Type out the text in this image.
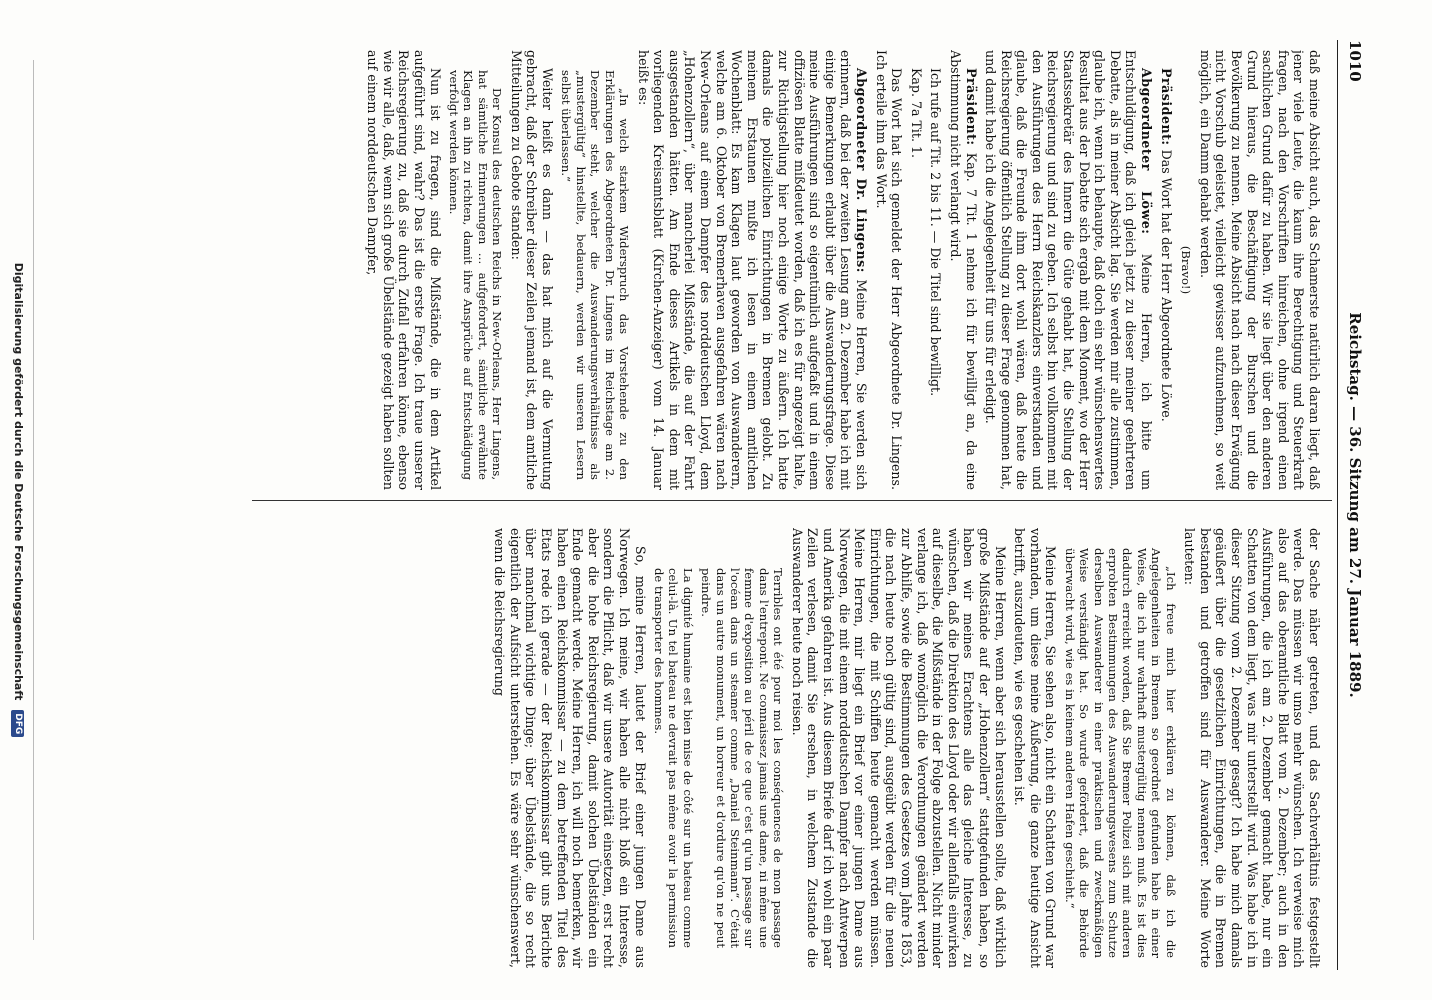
1010
Reichstag. — 36. Sitzung am 27. Januar 1889.

daß meine Absicht auch, das Schamerste natürlich daran liegt, daß jener viele Leute, die kaum ihre Berechtigung und Steuerkraft fragen, nach den Vorschriften hinreichen, ohne irgend einen sachlichen Grund dafür zu haben. Wir sie liegt über den anderen Grund hieraus, die Beschäftigung der Burschen und die Bevölkerung zu nennen. Meine Absicht nach nach dieser Erwägung nicht Vorschub geleistet, vielleicht gewisser aufzunehmen, so weit möglich, ein Damm gehabt werden.

(Bravo!)

Präsident: Das Wort hat der Herr Abgeordnete Löwe.

Abgeordneter Löwe: Meine Herren, ich bitte um Entschuldigung, daß ich gleich jetzt zu dieser meiner geehrteren Debatte, als in meiner Absicht lag. Sie werden mir alle zustimmen, glaube ich, wenn ich behaupte, daß doch ein sehr wünschenswertes Resultat aus der Debatte sich ergab mit dem Moment, wo der Herr Staatssekretär des Innern die Güte gehabt hat, die Stellung der Reichsregierung und sind zu geben. Ich selbst bin vollkommen mit den Ausführungen des Herrn Reichskanzlers einverstanden und glaube, daß die Freunde ihm dort wohl wären, daß heute die Reichsregierung öffentlich Stellung zu dieser Frage genommen hat, und damit habe ich die Angelegenheit für uns für erledigt.

Präsident: Kap. 7 Tit. 1 nehme ich für bewilligt an, da eine Abstimmung nicht verlangt wird.

Ich rufe auf Tit. 2 bis 11. — Die Titel sind bewilligt.

Kap. 7a Tit. 1.

Das Wort hat sich gemeldet der Herr Abgeordnete Dr. Lingens. Ich erteile ihm das Wort.

Abgeordneter Dr. Lingens: Meine Herren, Sie werden sich erinnern, daß bei der zweiten Lesung am 2. Dezember habe ich mit einige Bemerkungen erlaubt über die Auswanderungsfrage. Diese meine Ausführungen sind so eigentümlich aufgefaßt und in einem offiziösen Blatte mißdeutet worden, daß ich es für angezeigt halte, zur Richtigstellung hier noch einige Worte zu äußern. Ich hatte damals die polizeilichen Einrichtungen in Bremen gelobt. Zu meinem Erstaunen mußte ich lesen in einem amtlichen Wochenblatt: Es kam Klagen laut geworden von Auswanderern, welche am 6. Oktober von Bremerhaven ausgefahren wären nach New-Orleans auf einem Dampfer des norddeutschen Lloyd, dem „Hohenzollern“, über mancherlei Mißstände, die auf der Fahrt ausgestanden hätten. Am Ende dieses Artikels in dem mit vorliegenden Kreisamtsblatt (Kirchen-Anzeiger) vom 14. Januar heißt es:

„In welch starkem Widerspruch das Vorstehende zu den Erklärungen des Abgeordneten Dr. Lingens im Reichstage am 2. Dezember steht, welcher die Auswanderungsverhältnisse als „mustergültig“ hinstellte, bedauern, werden wir unseren Lesern selbst überlassen.“

Weiter heißt es dann — das hat mich auf die Vermutung gebracht, daß der Schreiber dieser Zeilen jemand ist, dem amtliche Mitteilungen zu Gebote standen:

Der Konsul des deutschen Reichs in New-Orleans, Herr Lingens, hat sämtliche Erinnerungen … aufgefordert, sämtliche erwähnte Klagen an ihn zu richten, damit ihre Ansprüche auf Entschädigung verfolgt werden können.

Nun ist zu fragen, sind die Mißstände, die in dem Artikel aufgeführt sind, wahr? Das ist die erste Frage. Ich traue unserer Reichsregierung zu, daß sie durch Zufall erfahren könne, ebenso wie wir alle, daß, wenn sich große Übelstände gezeigt haben sollten auf einem norddeutschen Dampfer,

der Sache näher getreten, und das Sachverhältnis festgestellt werde. Das müssen wir umso mehr wünschen. Ich verweise mich also auf das oberamtliche Blatt vom 2. Dezember; auch in den Ausführungen, die ich am 2. Dezember gemacht habe, nur ein Schatten von dem liegt, was mir unterstellt wird. Was habe ich in dieser Sitzung vom 2. Dezember gesagt? Ich habe mich damals geäußert über die gesetzlichen Einrichtungen, die in Bremen bestanden und getroffen sind für Auswanderer. Meine Worte lauteten:

„Ich freue mich hier erklären zu können, daß ich die Angelegenheiten in Bremen so geordnet gefunden habe in einer Weise, die ich nur wahrhaft mustergültig nennen muß. Es ist dies dadurch erreicht worden, daß Sie Bremer Polizei sich mit anderen erprobten Bestimmungen des Auswanderungswesens zum Schutze derselben Auswanderer in einer praktischen und zweckmäßigen Weise verständigt hat. So wurde gefördert, daß die Behörde überwacht wird, wie es in keinem anderen Hafen geschieht.“

Meine Herren, Sie sehen also, nicht ein Schatten von Grund war vorhanden, um diese meine Äußerung, die ganze heutige Ansicht betrifft, auszudeuten, wie es geschehen ist.

Meine Herren, wenn aber sich herausstellen sollte, daß wirklich große Mißstände auf der „Hohenzollern“ stattgefunden haben, so haben wir meines Erachtens alle das gleiche Interesse, zu wünschen, daß die Direktion des Lloyd oder wir allenfalls einwirken auf dieselbe, die Mißstände in der Folge abzustellen. Nicht minder verlange ich, daß womöglich die Verordnungen geändert werden zur Abhilfe, sowie die Bestimmungen des Gesetzes vom Jahre 1853, die nach heute noch gültig sind, ausgeübt werden für die neuen Einrichtungen, die mit Schiffen heute gemacht werden müssen. Meine Herren, mir liegt ein Brief vor einer jungen Dame aus Norwegen, die mit einem norddeutschen Dampfer nach Antwerpen und Amerika gefahren ist. Aus diesem Briefe darf ich wohl ein paar Zeilen verlesen, damit Sie ersehen, in welchem Zustande die Auswanderer heute noch reisen.

Terribles ont été pour moi les conséquences de mon passage dans l'entrepont. Ne connaissez jamais une dame, ni même une femme d'exposition au péril de ce que c'est qu'un passage sur l'océan dans un steamer comme „Daniel Steinmann“. C'était dans un autre monument, un horreur et d'ordure qu'on ne peut peindre.

La dignité humaine est bien mise de côté sur un bateau comme celui-là. Un tel bateau ne devrait pas même avoir la permission de transporter des hommes.

So, meine Herren, lautet der Brief einer jungen Dame aus Norwegen. Ich meine, wir haben alle nicht bloß ein Interesse, sondern die Pflicht, daß wir unsere Autorität einsetzen, erst recht aber die hohe Reichsregierung, damit solchen Übelständen ein Ende gemacht werde. Meine Herren, ich will noch bemerken, wir haben einen Reichskommissar — zu dem betreffenden Titel des Etats rede ich gerade — der Reichskommissar gibt uns Berichte über manchmal wichtige Dinge; über Übelstände, die so recht eigentlich der Aufsicht unterstehen. Es wäre sehr wünschenswert, wenn die Reichsregierung

Digitalisierung gefördert durch die Deutsche Forschungsgemeinschaft DFG
